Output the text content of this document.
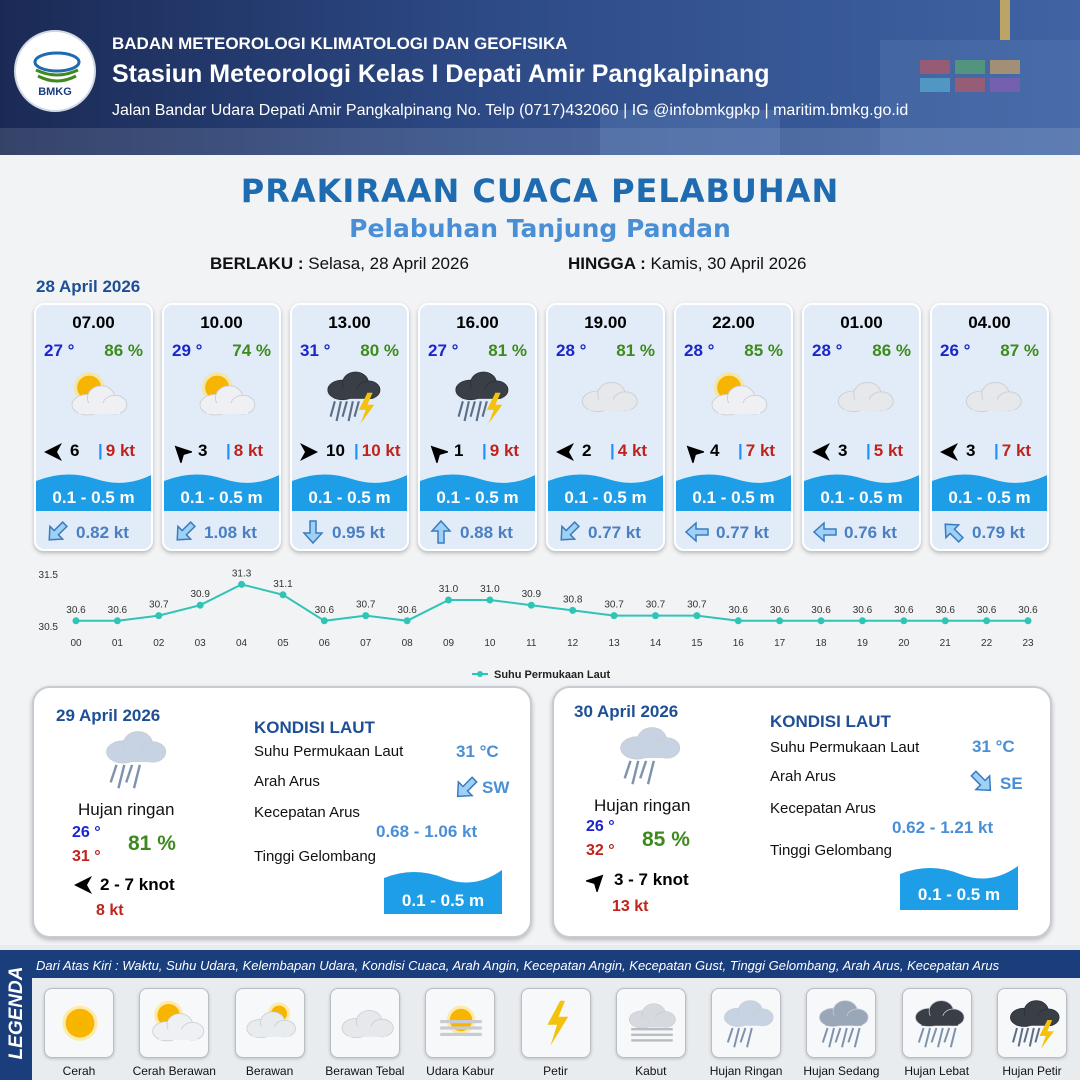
BMKG
BADAN METEOROLOGI KLIMATOLOGI DAN GEOFISIKA
Stasiun Meteorologi Kelas I Depati Amir Pangkalpinang
Jalan Bandar Udara Depati Amir Pangkalpinang No. Telp (0717)432060 | IG @infobmkgpkp | maritim.bmkg.go.id
PRAKIRAAN CUACA PELABUHAN
Pelabuhan Tanjung Pandan
BERLAKU : Selasa, 28 April 2026	HINGGA : Kamis, 30 April 2026
28 April 2026
07.00
27 ° 86 %
6 | 9 kt
0.1 - 0.5 m
0.82 kt
10.00
29 ° 74 %
3 | 8 kt
0.1 - 0.5 m
1.08 kt
13.00
31 ° 80 %
10 | 10 kt
0.1 - 0.5 m
0.95 kt
16.00
27 ° 81 %
1 | 9 kt
0.1 - 0.5 m
0.88 kt
19.00
28 ° 81 %
2 | 4 kt
0.1 - 0.5 m
0.77 kt
22.00
28 ° 85 %
4 | 7 kt
0.1 - 0.5 m
0.77 kt
01.00
28 ° 86 %
3 | 5 kt
0.1 - 0.5 m
0.76 kt
04.00
26 ° 87 %
3 | 7 kt
0.1 - 0.5 m
0.79 kt
30.5
31.5
30.6
00
30.6
01
30.7
02
30.9
03
31.3
04
31.1
05
30.6
06
30.7
07
30.6
08
31.0
09
31.0
10
30.9
11
30.8
12
30.7
13
30.7
14
30.7
15
30.6
16
30.6
17
30.6
18
30.6
19
30.6
20
30.6
21
30.6
22
30.6
23
Suhu Permukaan Laut
29 April 2026
Hujan ringan
26 °
31 °
81 %
2 - 7 knot
8 kt
KONDISI LAUT
Suhu Permukaan Laut	31 °C
Arah Arus	SW
Kecepatan Arus
0.68 - 1.06 kt
Tinggi Gelombang
0.1 - 0.5 m
30 April 2026
Hujan ringan
26 °
32 ° 85 %
3 - 7 knot
13 kt
KONDISI LAUT
Suhu Permukaan Laut	31 °C
Arah Arus	SE
Kecepatan Arus
0.62 - 1.21 kt
Tinggi Gelombang
0.1 - 0.5 m
LEGENDA
Dari Atas Kiri : Waktu, Suhu Udara, Kelembapan Udara, Kondisi Cuaca, Arah Angin, Kecepatan Angin, Kecepatan Gust, Tinggi Gelombang, Arah Arus, Kecepatan Arus
Cerah	Cerah Berawan	Berawan	Berawan Tebal	Udara Kabur	Petir	Kabut	Hujan Ringan	Hujan Sedang	Hujan Lebat	Hujan Petir
